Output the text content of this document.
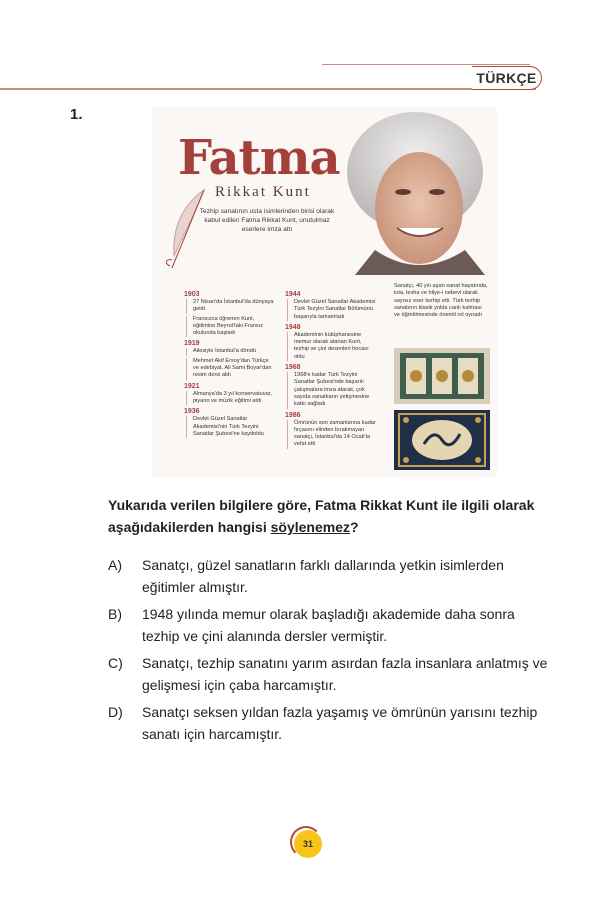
TÜRKÇE
1.
Fatma
Rikkat Kunt
Tezhip sanatının usta isimlerinden birisi olarak kabul edilen Fatma Rikkat Kunt, unutulmaz eserlere imza attı
1903
27 Nisan'da İstanbul'da dünyaya geldi
Fransızca öğrenen Kunt, eğitimine Beyrut'taki Fransız okulunda başladı
1919
Ailesiyle İstanbul'a döndü
Mehmet Akif Ersoy'dan Türkçe ve edebiyat, Ali Sami Boyar'dan resim dersi aldı
1921
Almanya'da 3 yıl konservatuvar, piyano ve müzik eğitimi aldı
1936
Devlet Güzel Sanatlar Akademisi'nin Türk Tezyini Sanatlar Şubesi'ne kaydoldu
1944
Devlet Güzel Sanatlar Akademisi Türk Tezyini Sanatlar Bölümünü başarıyla tamamladı
1948
Akademinin kütüphanesine memur olarak atanan Kunt, tezhip ve çini desenleri hocası oldu
1968
1968'e kadar Türk Tezyini Sanatlar Şubesi'nde başarılı çalışmalara imza atarak, çok sayıda sanatkarın yetişmesine katkı sağladı
1986
Ömrünün son zamanlarına kadar fırçasını elinden bırakmayan sanatçı, İstanbul'da 14 Ocak'ta vefat etti
Sanatçı, 40 yılı aşan sanat hayatında, kıta, levha ve hilye-i nebevi olarak sayısız eser tezhip etti. Türk tezhip sanatının klasik yolda canlı kalması ve öğretilmesinde önemli rol oynadı
Yukarıda verilen bilgilere göre, Fatma Rikkat Kunt ile ilgili olarak aşağıdakilerden hangisi söylenemez?
A)	Sanatçı, güzel sanatların farklı dallarında yetkin isimlerden eğitimler almıştır.
B)	1948 yılında memur olarak başladığı akademide daha sonra tezhip ve çini alanında dersler vermiştir.
C)	Sanatçı, tezhip sanatını yarım asırdan fazla insanlara anlatmış ve gelişmesi için çaba harcamıştır.
D)	Sanatçı seksen yıldan fazla yaşamış ve ömrünün yarısını tezhip sanatı için harcamıştır.
31
